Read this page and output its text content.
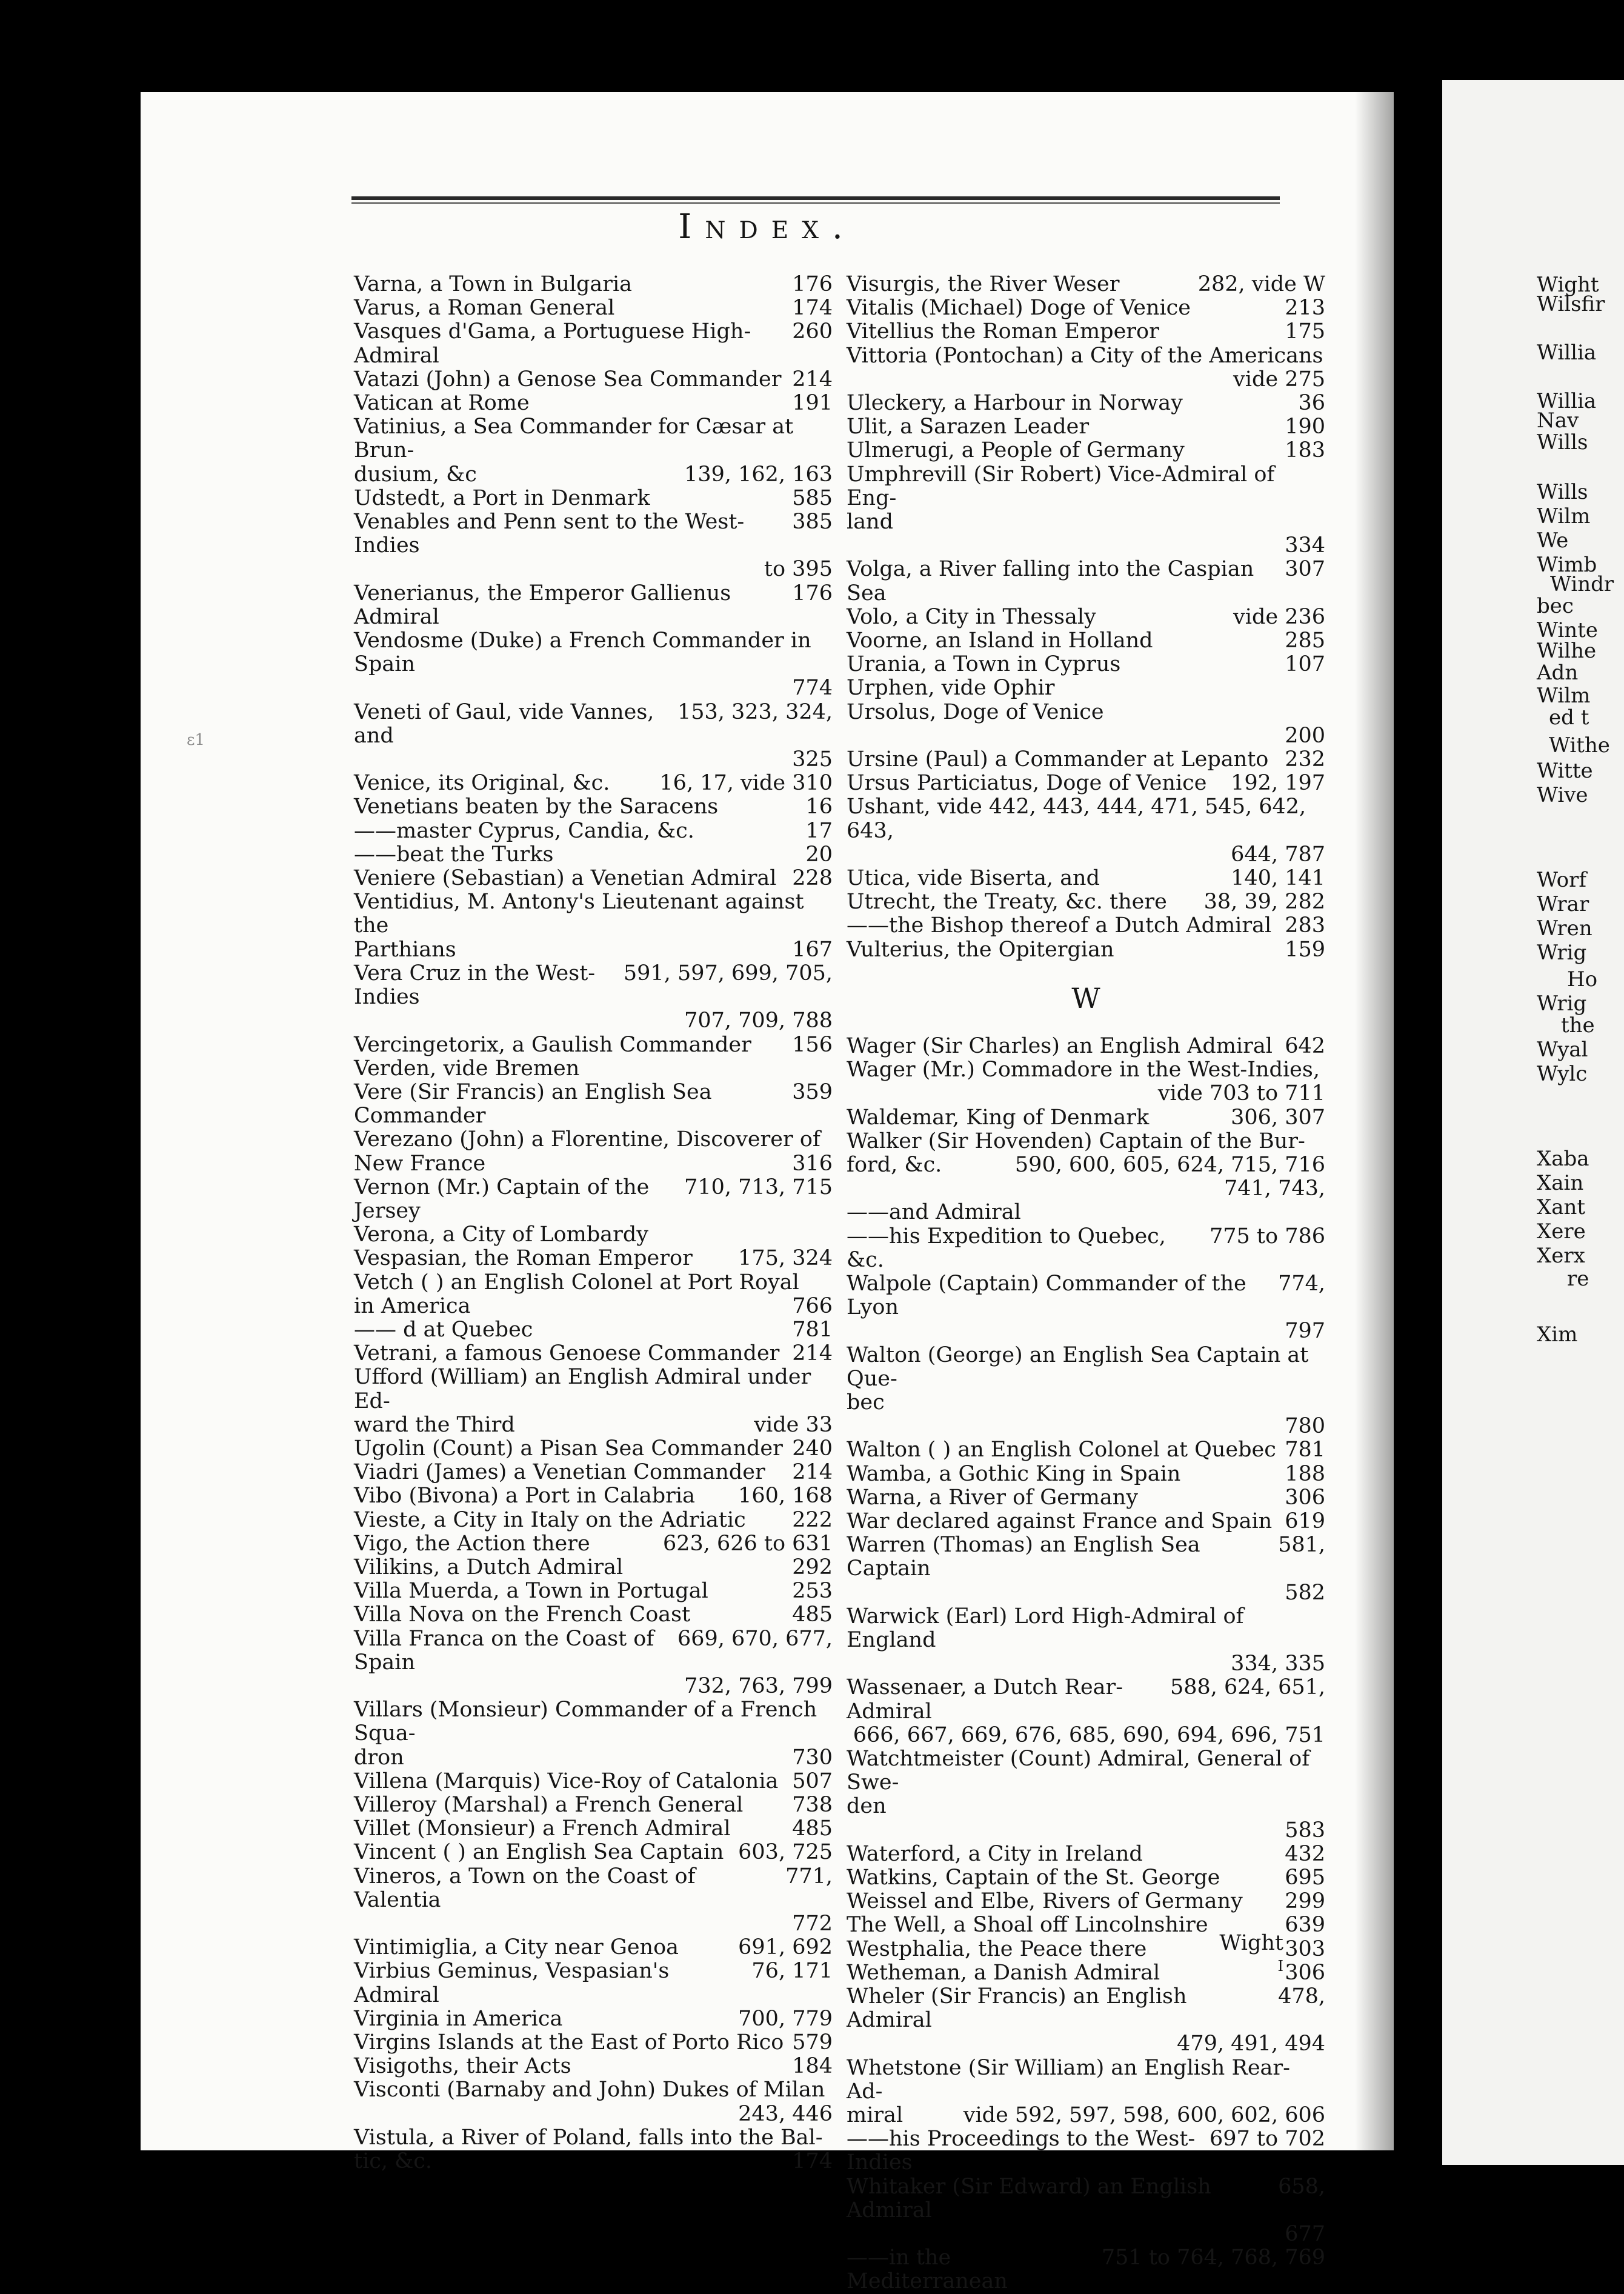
Index.
ɛ1
176
Varna, a Town in Bulgaria
174
Varus, a Roman General
260
Vasques d'Gama, a Portuguese High-Admiral
214
Vatazi (John) a Genose Sea Commander
191
Vatican at Rome
Vatinius, a Sea Commander for Cæsar at Brun-
139, 162, 163
dusium, &c
585
Udstedt, a Port in Denmark
385
Venables and Penn sent to the West-Indies
to 395
176
Venerianus, the Emperor Gallienus Admiral
Vendosme (Duke) a French Commander in Spain
774
153, 323, 324,
Veneti of Gaul, vide Vannes, and
325
16, 17, vide 310
Venice, its Original, &c.
16
Venetians beaten by the Saracens
17
——master Cyprus, Candia, &c.
20
——beat the Turks
228
Veniere (Sebastian) a Venetian Admiral
Ventidius, M. Antony's Lieutenant against the
167
Parthians
591, 597, 699, 705,
Vera Cruz in the West-Indies
707, 709, 788
156
Vercingetorix, a Gaulish Commander
Verden, vide Bremen
359
Vere (Sir Francis) an English Sea Commander
Verezano (John) a Florentine, Discoverer of
316
New France
710, 713, 715
Vernon (Mr.) Captain of the Jersey
Verona, a City of Lombardy
175, 324
Vespasian, the Roman Emperor
Vetch ( ) an English Colonel at Port Royal
766
in America
781
—— d at Quebec
214
Vetrani, a famous Genoese Commander
Ufford (William) an English Admiral under Ed-
vide 33
ward the Third
240
Ugolin (Count) a Pisan Sea Commander
214
Viadri (James) a Venetian Commander
160, 168
Vibo (Bivona) a Port in Calabria
222
Vieste, a City in Italy on the Adriatic
623, 626 to 631
Vigo, the Action there
292
Vilikins, a Dutch Admiral
253
Villa Muerda, a Town in Portugal
485
Villa Nova on the French Coast
669, 670, 677,
Villa Franca on the Coast of Spain
732, 763, 799
Villars (Monsieur) Commander of a French Squa-
730
dron
507
Villena (Marquis) Vice-Roy of Catalonia
738
Villeroy (Marshal) a French General
485
Villet (Monsieur) a French Admiral
603, 725
Vincent ( ) an English Sea Captain
771,
Vineros, a Town on the Coast of Valentia
772
691, 692
Vintimiglia, a City near Genoa
76, 171
Virbius Geminus, Vespasian's Admiral
700, 779
Virginia in America
579
Virgins Islands at the East of Porto Rico
184
Visigoths, their Acts
Visconti (Barnaby and John) Dukes of Milan
243, 446
Vistula, a River of Poland, falls into the Bal-
174
tic, &c.
282, vide W
Visurgis, the River Weser
213
Vitalis (Michael) Doge of Venice
175
Vitellius the Roman Emperor
Vittoria (Pontochan) a City of the Americans
vide 275
36
Uleckery, a Harbour in Norway
190
Ulit, a Sarazen Leader
183
Ulmerugi, a People of Germany
Umphrevill (Sir Robert) Vice-Admiral of Eng-
land
334
307
Volga, a River falling into the Caspian Sea
vide 236
Volo, a City in Thessaly
285
Voorne, an Island in Holland
107
Urania, a Town in Cyprus
Urphen, vide Ophir
Ursolus, Doge of Venice
200
232
Ursine (Paul) a Commander at Lepanto
192, 197
Ursus Particiatus, Doge of Venice
Ushant, vide 442, 443, 444, 471, 545, 642, 643,
644, 787
140, 141
Utica, vide Biserta, and
38, 39, 282
Utrecht, the Treaty, &c. there
283
——the Bishop thereof a Dutch Admiral
159
Vulterius, the Opitergian
W
642
Wager (Sir Charles) an English Admiral
Wager (Mr.) Commadore in the West-Indies,
vide 703 to 711
306, 307
Waldemar, King of Denmark
Walker (Sir Hovenden) Captain of the Bur-
590, 600, 605, 624, 715, 716
ford, &c.
741, 743,
——and Admiral
775 to 786
——his Expedition to Quebec, &c.
774,
Walpole (Captain) Commander of the Lyon
797
Walton (George) an English Sea Captain at Que-
bec
780
781
Walton ( ) an English Colonel at Quebec
188
Wamba, a Gothic King in Spain
306
Warna, a River of Germany
619
War declared against France and Spain
581,
Warren (Thomas) an English Sea Captain
582
Warwick (Earl) Lord High-Admiral of England
334, 335
588, 624, 651,
Wassenaer, a Dutch Rear-Admiral
666, 667, 669, 676, 685, 690, 694, 696, 751
Watchtmeister (Count) Admiral, General of Swe-
den
583
432
Waterford, a City in Ireland
695
Watkins, Captain of the St. George
299
Weissel and Elbe, Rivers of Germany
639
The Well, a Shoal off Lincolnshire
303
Westphalia, the Peace there
306
Wetheman, a Danish Admiral
478,
Wheler (Sir Francis) an English Admiral
479, 491, 494
Whetstone (Sir William) an English Rear-Ad-
vide 592, 597, 598, 600, 602, 606
miral
697 to 702
——his Proceedings to the West-Indies
658,
Whitaker (Sir Edward) an English Admiral
677
751 to 764, 768, 769
——in the Mediterranean
Wight
I
Wight
Wilsfir
Willia
Willia
Nav
Wills
Wills
Wilm
We
Wimb
Windr
bec
Winte
Wilhe
Adn
Wilm
ed t
Withe
Witte
Wive
Worf
Wrar
Wren
Wrig
Ho
Wrig
the
Wyal
Wylc
Xaba
Xain
Xant
Xere
Xerx
re
Xim
